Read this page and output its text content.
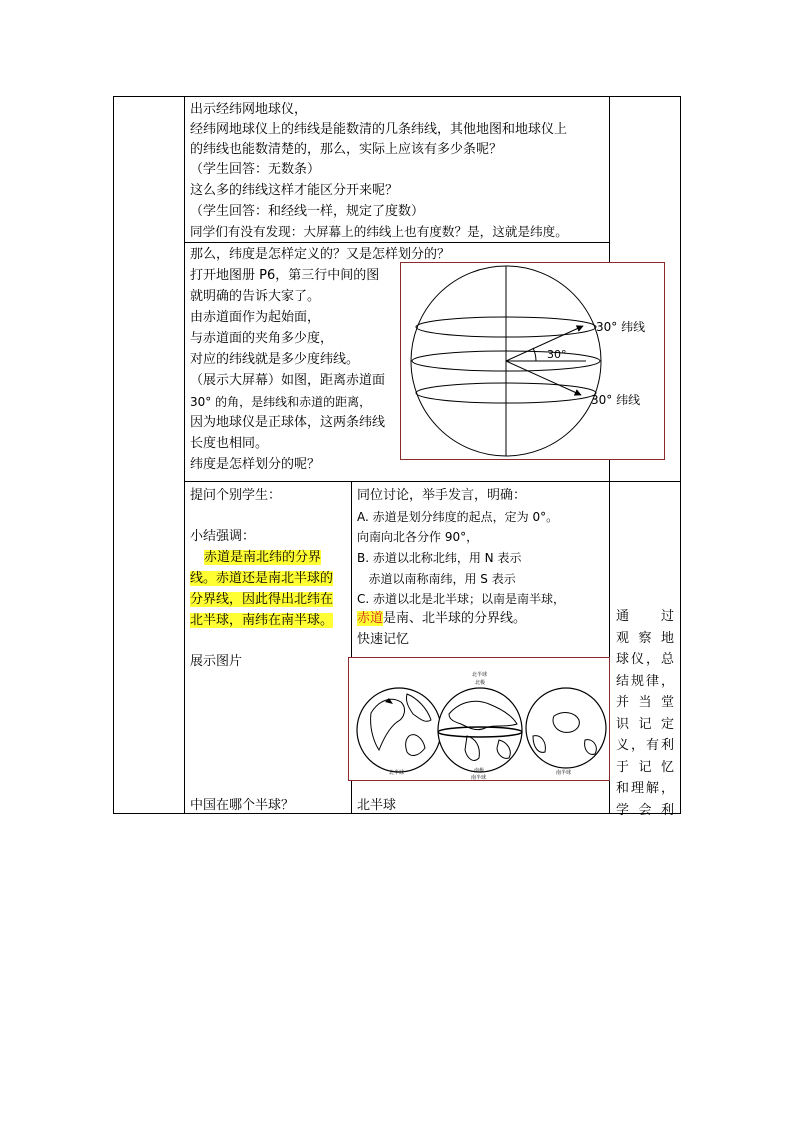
出示经纬网地球仪，
经纬网地球仪上的纬线是能数清的几条纬线，其他地图和地球仪上
的纬线也能数清楚的，那么，实际上应该有多少条呢？
（学生回答：无数条）
这么多的纬线这样才能区分开来呢？
（学生回答：和经线一样，规定了度数）
同学们有没有发现：大屏幕上的纬线上也有度数？是，这就是纬度。
那么，纬度是怎样定义的？又是怎样划分的？
打开地图册 P6，第三行中间的图
就明确的告诉大家了。
由赤道面作为起始面，
与赤道面的夹角多少度，
对应的纬线就是多少度纬线。
（展示大屏幕）如图，距离赤道面
30° 的角，是纬线和赤道的距离，
因为地球仪是正球体，这两条纬线
长度也相同。
纬度是怎样划分的呢？
30° 纬线
30° 纬线
30°
提问个别学生：
小结强调：
赤道是南北纬的分界
线。赤道还是南北半球的
分界线，因此得出北纬在
北半球，南纬在南半球。
展示图片
中国在哪个半球？
同位讨论，举手发言，明确：
A. 赤道是划分纬度的起点，定为 0°。
向南向北各分作 90°，
B. 赤道以北称北纬，用 N 表示
赤道以南称南纬，用 S 表示
C. 赤道以北是北半球；以南是南半球，
赤道是南、北半球的分界线。
快速记忆
北半球
北半球
北极
北半球	南极
南半球
南半球
通　过
观察地
球仪，总
结规律，
并当堂
识记定
义，有利
于记忆
和理解，
学会利
